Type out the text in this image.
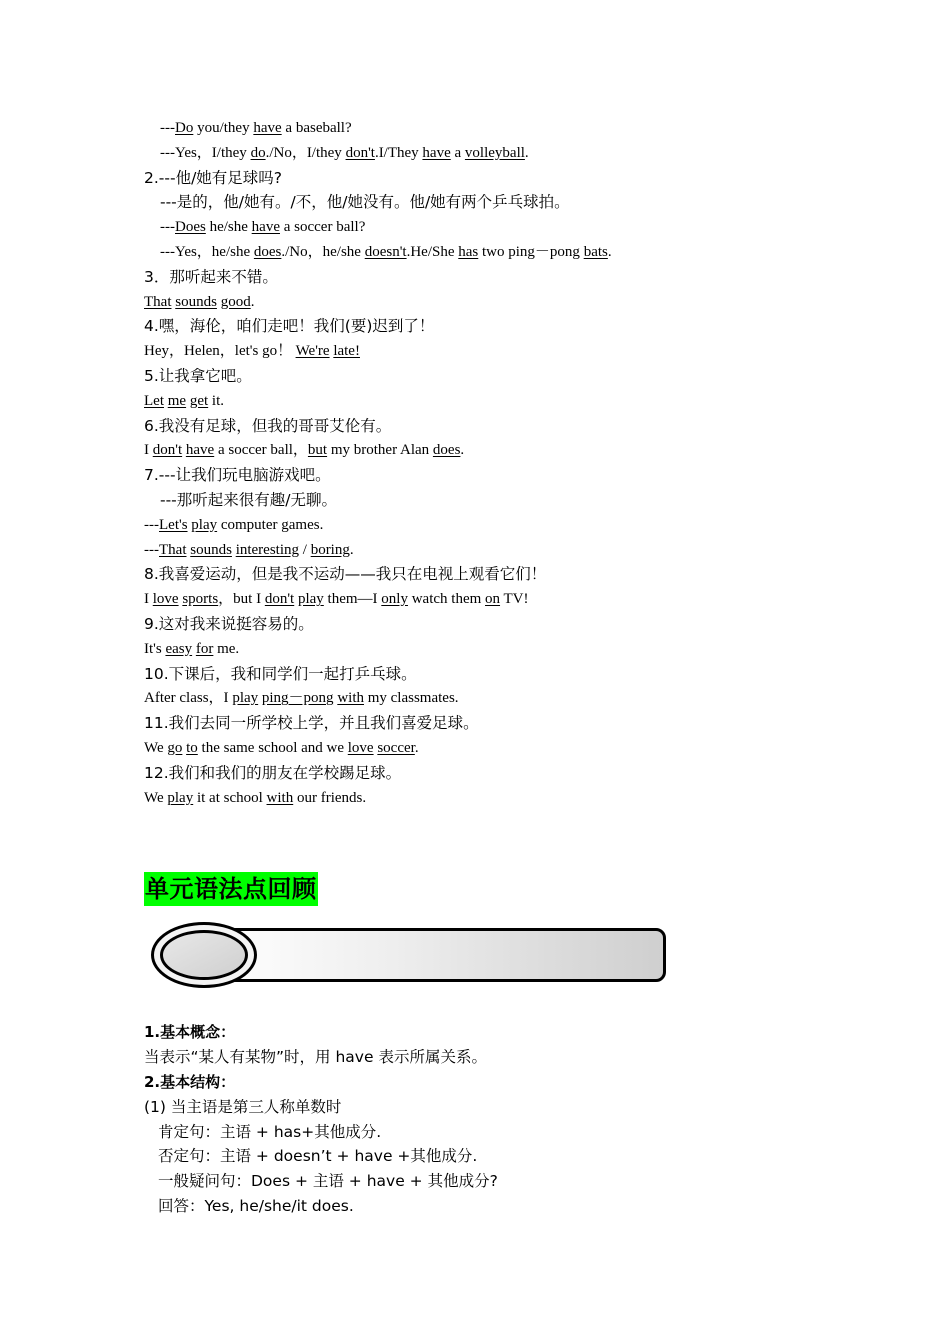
---Do you/they have a baseball?
---Yes，I/they do./No，I/they don't.I/They have a volleyball.
2.---他/她有足球吗?
---是的，他/她有。/不，他/她没有。他/她有两个乒乓球拍。
---Does he/she have a soccer ball?
---Yes，he/she does./No，he/she doesn't.He/She has two ping－pong bats.
3．那听起来不错。
That sounds good.
4.嘿，海伦，咱们走吧！我们(要)迟到了！
Hey，Helen，let's go！ We're late!
5.让我拿它吧。
Let me get it.
6.我没有足球，但我的哥哥艾伦有。
I don't have a soccer ball，but my brother Alan does.
7.---让我们玩电脑游戏吧。
---那听起来很有趣/无聊。
---Let's play computer games.
---That sounds interesting / boring.
8.我喜爱运动，但是我不运动——我只在电视上观看它们！
I love sports，but I don't play them—I only watch them on TV!
9.这对我来说挺容易的。
It's easy for me.
10.下课后，我和同学们一起打乒乓球。
After class，I play ping－pong with my classmates.
11.我们去同一所学校上学，并且我们喜爱足球。
We go to the same school and we love soccer.
12.我们和我们的朋友在学校踢足球。
We play it at school with our friends.
单元语法点回顾
1.基本概念：
当表示“某人有某物”时，用 have 表示所属关系。
2.基本结构：
(1) 当主语是第三人称单数时
肯定句：主语 + has+其他成分.
否定句：主语 + doesn’t + have +其他成分.
一般疑问句：Does + 主语 + have + 其他成分?
回答：Yes, he/she/it does.
